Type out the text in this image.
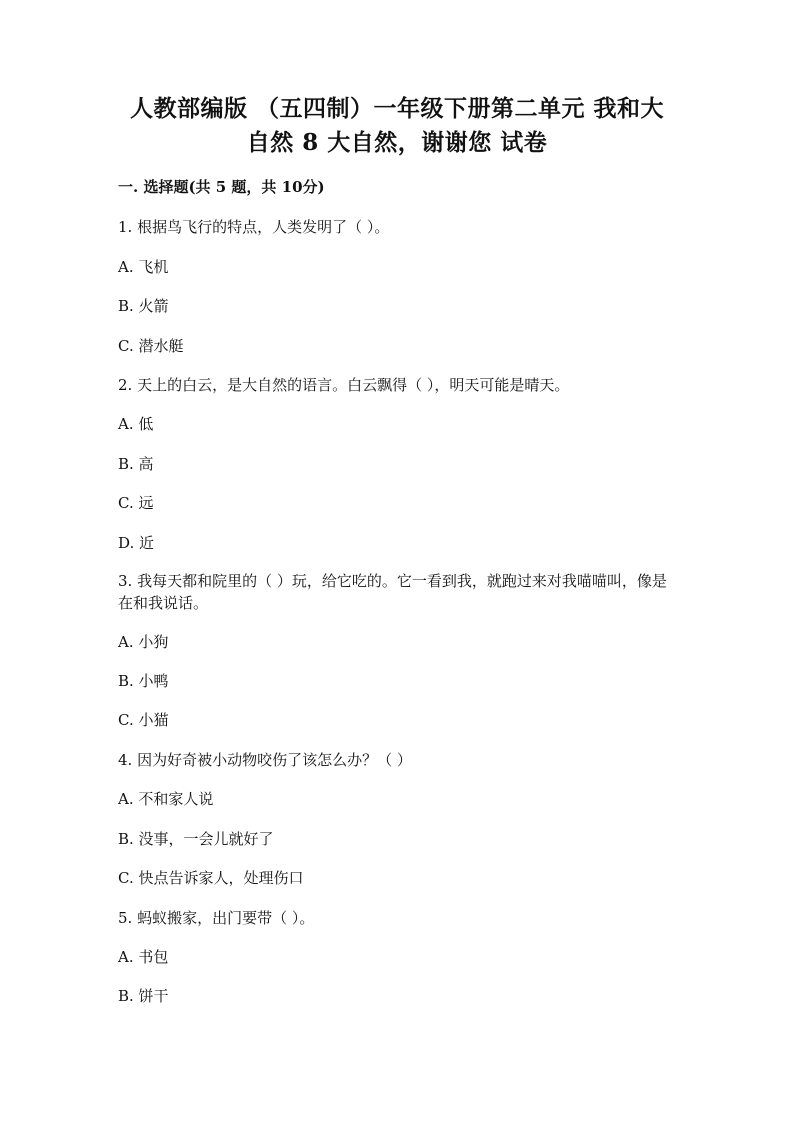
人教部编版 （五四制）一年级下册第二单元 我和大
自然 8 大自然，谢谢您 试卷
一. 选择题(共 5 题，共 10分)
1. 根据鸟飞行的特点，人类发明了（ ）。
A. 飞机
B. 火箭
C. 潜水艇
2. 天上的白云，是大自然的语言。白云飘得（ ），明天可能是晴天。
A. 低
B. 高
C. 远
D. 近
3. 我每天都和院里的（ ）玩，给它吃的。它一看到我，就跑过来对我喵喵叫，像是在和我说话。
A. 小狗
B. 小鸭
C. 小猫
4. 因为好奇被小动物咬伤了该怎么办？（ ）
A. 不和家人说
B. 没事，一会儿就好了
C. 快点告诉家人，处理伤口
5. 蚂蚁搬家，出门要带（ ）。
A. 书包
B. 饼干
